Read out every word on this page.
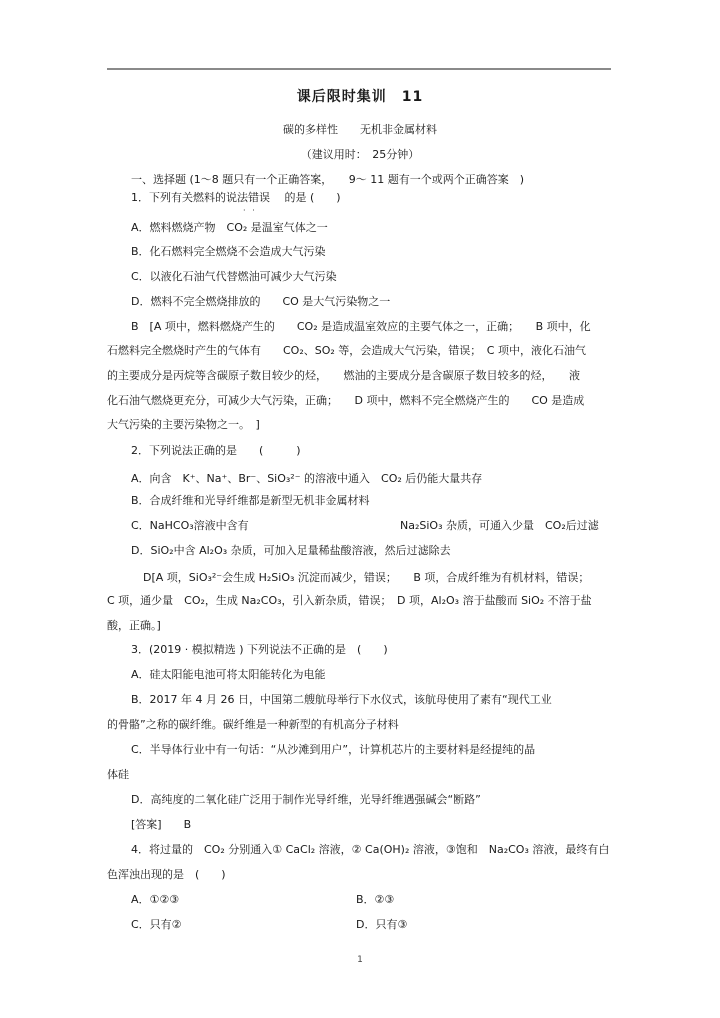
课后限时集训　11
碳的多样性　　无机非金属材料
（建议用时：　25分钟）
一、选择题 (1～8 题只有一个正确答案，　　9～ 11 题有一个或两个正确答案　)
1．下列有关燃料的说法错误　 的是 (　　)
· ·
A．燃料燃烧产物　CO₂ 是温室气体之一
B．化石燃料完全燃烧不会造成大气污染
C．以液化石油气代替燃油可减少大气污染
D．燃料不完全燃烧排放的　　CO 是大气污染物之一
B　[A 项中，燃料燃烧产生的　　CO₂ 是造成温室效应的主要气体之一，正确；　　B 项中，化
石燃料完全燃烧时产生的气体有　　CO₂、SO₂ 等，会造成大气污染，错误；　C 项中，液化石油气
的主要成分是丙烷等含碳原子数目较少的烃，　　燃油的主要成分是含碳原子数目较多的烃，　　液
化石油气燃烧更充分，可减少大气污染，正确；　　D 项中，燃料不完全燃烧产生的　　CO 是造成
大气污染的主要污染物之一。　]
2．下列说法正确的是　　(　　　)
A．向含　K⁺、Na⁺、Br⁻、SiO₃²⁻ 的溶液中通入　CO₂ 后仍能大量共存
B．合成纤维和光导纤维都是新型无机非金属材料
C．NaHCO₃溶液中含有	Na₂SiO₃ 杂质，可通入少量　CO₂后过滤
D．SiO₂中含 Al₂O₃ 杂质，可加入足量稀盐酸溶液，然后过滤除去
D[A 项，SiO₃²⁻会生成 H₂SiO₃ 沉淀而减少，错误；　　B 项，合成纤维为有机材料，错误；
C 项，通少量　CO₂，生成 Na₂CO₃，引入新杂质，错误；　D 项，Al₂O₃ 溶于盐酸而 SiO₂ 不溶于盐
酸，正确。]
3．(2019 · 模拟精选 ) 下列说法不正确的是　(　　)
A．硅太阳能电池可将太阳能转化为电能
B．2017 年 4 月 26 日，中国第二艘航母举行下水仪式，该航母使用了素有“现代工业
的骨骼”之称的碳纤维。碳纤维是一种新型的有机高分子材料
C．半导体行业中有一句话：“从沙滩到用户”，计算机芯片的主要材料是经提纯的晶
体硅
D．高纯度的二氧化硅广泛用于制作光导纤维，光导纤维遇强碱会“断路”
[答案]　　B
4．将过量的　CO₂ 分别通入① CaCl₂ 溶液，② Ca(OH)₂ 溶液，③饱和　Na₂CO₃ 溶液，最终有白
色浑浊出现的是　(　　)
A．①②③	B．②③
C．只有②	D．只有③
1
